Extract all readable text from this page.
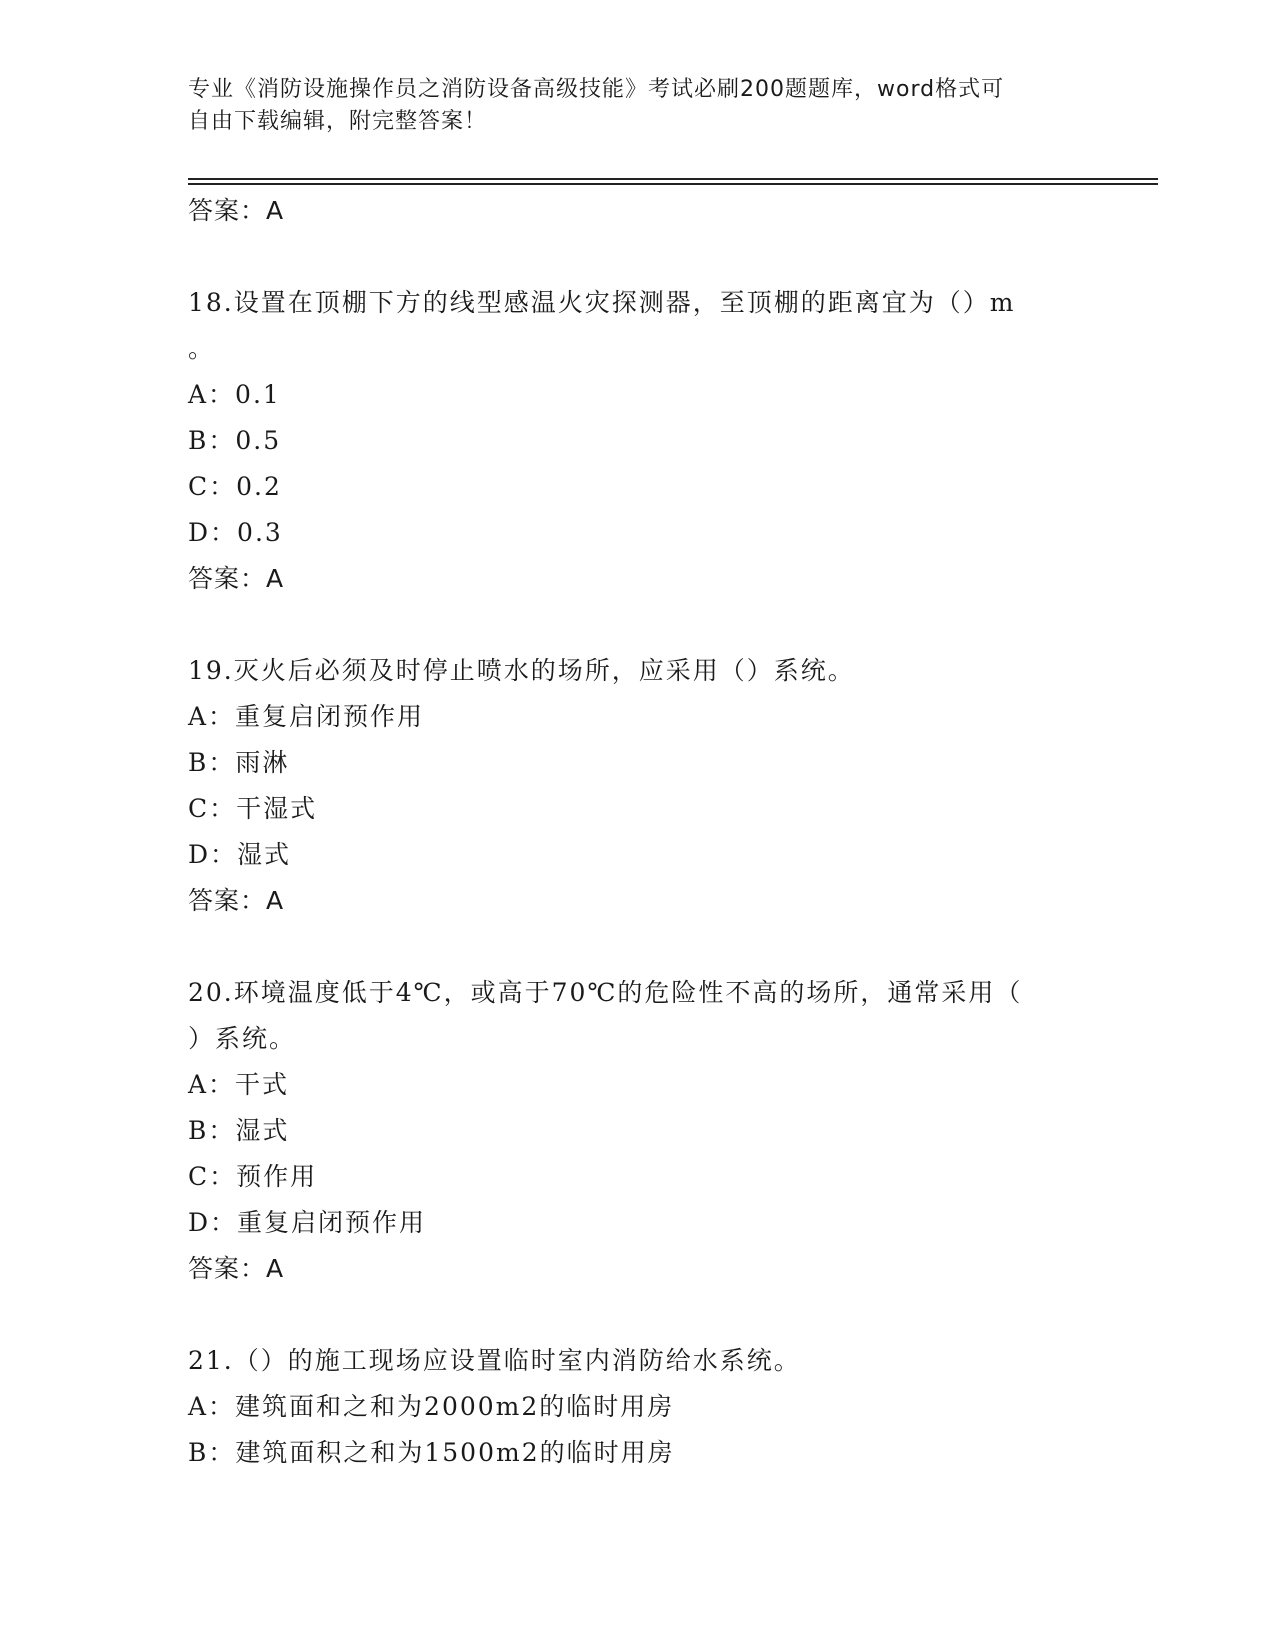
专业《消防设施操作员之消防设备高级技能》考试必刷200题题库，word格式可
自由下载编辑，附完整答案！
答案：A
18.设置在顶棚下方的线型感温火灾探测器，至顶棚的距离宜为（）m
。
A：0.1
B：0.5
C：0.2
D：0.3
答案：A
19.灭火后必须及时停止喷水的场所，应采用（）系统。
A：重复启闭预作用
B：雨淋
C：干湿式
D：湿式
答案：A
20.环境温度低于4℃，或高于70℃的危险性不高的场所，通常采用（
）系统。
A：干式
B：湿式
C：预作用
D：重复启闭预作用
答案：A
21.（）的施工现场应设置临时室内消防给水系统。
A：建筑面和之和为2000m2的临时用房
B：建筑面积之和为1500m2的临时用房
